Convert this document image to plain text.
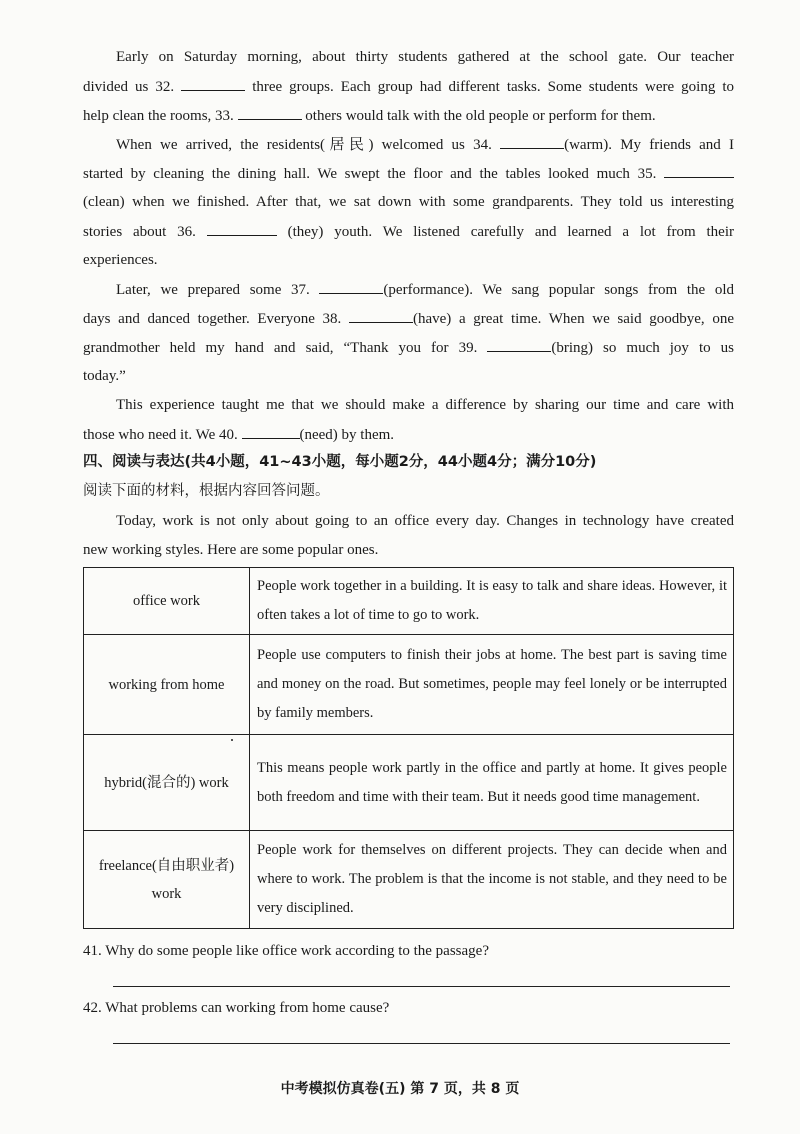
Early on Saturday morning, about thirty students gathered at the school gate. Our teacher
divided us 32.	three groups. Each group had different tasks. Some students were going to
help clean the rooms, 33.	others would talk with the old people or perform for them.
When we arrived, the residents(居民) welcomed us 34.	(warm). My friends and I
started by cleaning the dining hall. We swept the floor and the tables looked much 35.
(clean) when we finished. After that, we sat down with some grandparents. They told us interesting
stories about 36.	(they) youth. We listened carefully and learned a lot from their
experiences.
Later, we prepared some 37.	(performance). We sang popular songs from the old
days and danced together. Everyone 38.	(have) a great time. When we said goodbye, one
grandmother held my hand and said, “Thank you for 39.	(bring) so much joy to us
today.”
This experience taught me that we should make a difference by sharing our time and care with
those who need it. We 40.	(need) by them.
四、阅读与表达(共4小题，41~43小题，每小题2分，44小题4分；满分10分)
阅读下面的材料，根据内容回答问题。
Today, work is not only about going to an office every day. Changes in technology have created
new working styles. Here are some popular ones.
office work	People work together in a building. It is easy to talk and share ideas. However, it often takes a lot of time to go to work.
working from home	People use computers to finish their jobs at home. The best part is saving time and money on the road. But sometimes, people may feel lonely or be interrupted by family members.
hybrid(混合的) work	This means people work partly in the office and partly at home. It gives people both freedom and time with their team. But it needs good time management.
freelance(自由职业者)
work	People work for themselves on different projects. They can decide when and where to work. The problem is that the income is not stable, and they need to be very disciplined.
41. Why do some people like office work according to the passage?
42. What problems can working from home cause?
中考模拟仿真卷(五) 第 7 页，共 8 页
